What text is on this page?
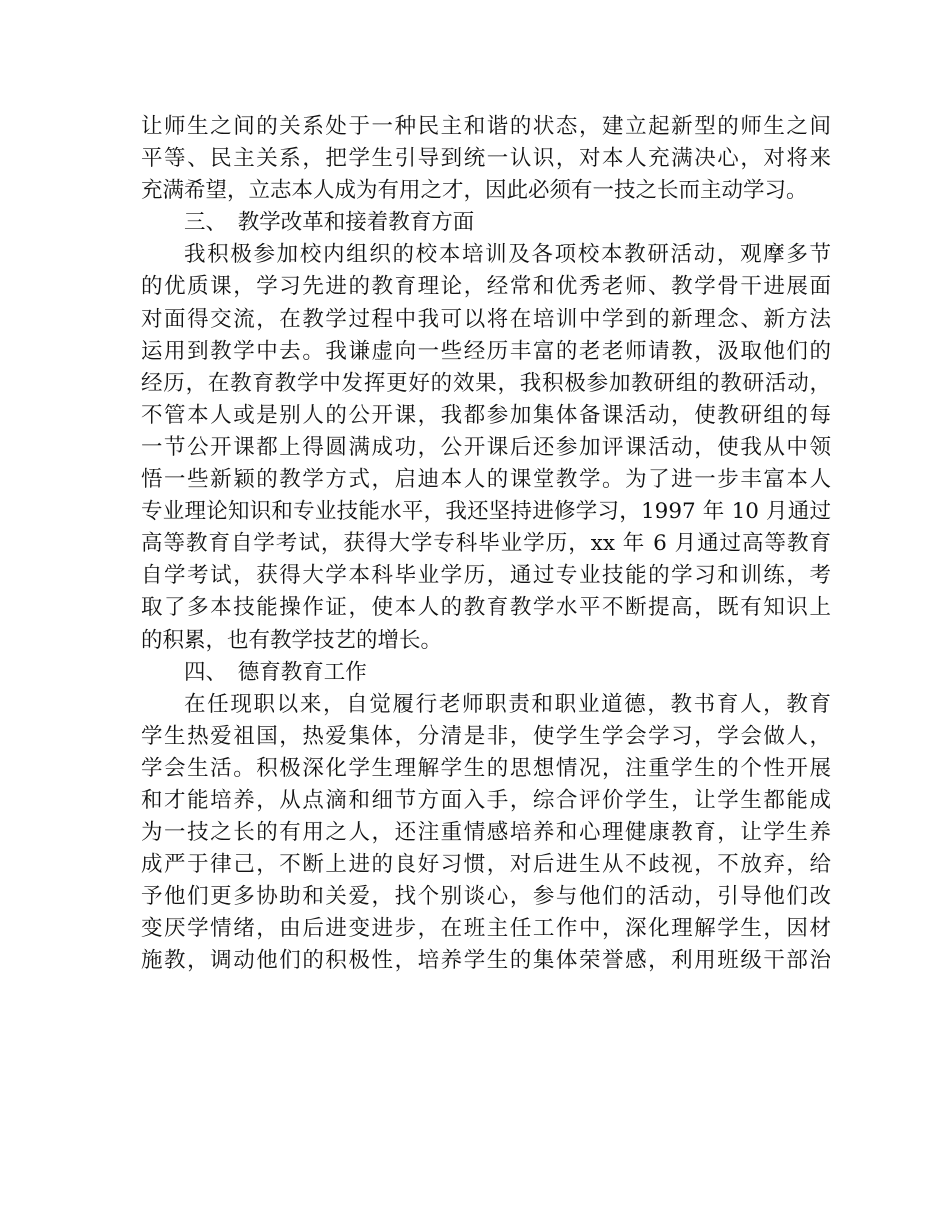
让师生之间的关系处于一种民主和谐的状态，建立起新型的师生之间
平等、民主关系，把学生引导到统一认识，对本人充满决心，对将来
充满希望，立志本人成为有用之才，因此必须有一技之长而主动学习。
三、　教学改革和接着教育方面
我积极参加校内组织的校本培训及各项校本教研活动，观摩多节
的优质课，学习先进的教育理论，经常和优秀老师、教学骨干进展面
对面得交流，在教学过程中我可以将在培训中学到的新理念、新方法
运用到教学中去。我谦虚向一些经历丰富的老老师请教，汲取他们的
经历，在教育教学中发挥更好的效果，我积极参加教研组的教研活动，
不管本人或是别人的公开课，我都参加集体备课活动，使教研组的每
一节公开课都上得圆满成功，公开课后还参加评课活动，使我从中领
悟一些新颖的教学方式，启迪本人的课堂教学。为了进一步丰富本人
专业理论知识和专业技能水平，我还坚持进修学习，1997 年 10 月通过
高等教育自学考试，获得大学专科毕业学历，xx 年 6 月通过高等教育
自学考试，获得大学本科毕业学历，通过专业技能的学习和训练，考
取了多本技能操作证，使本人的教育教学水平不断提高，既有知识上
的积累，也有教学技艺的增长。
四、　德育教育工作
在任现职以来，自觉履行老师职责和职业道德，教书育人，教育
学生热爱祖国，热爱集体，分清是非，使学生学会学习，学会做人，
学会生活。积极深化学生理解学生的思想情况，注重学生的个性开展
和才能培养，从点滴和细节方面入手，综合评价学生，让学生都能成
为一技之长的有用之人，还注重情感培养和心理健康教育，让学生养
成严于律己，不断上进的良好习惯，对后进生从不歧视，不放弃，给
予他们更多协助和关爱，找个别谈心，参与他们的活动，引导他们改
变厌学情绪，由后进变进步，在班主任工作中，深化理解学生，因材
施教，调动他们的积极性，培养学生的集体荣誉感，利用班级干部治
